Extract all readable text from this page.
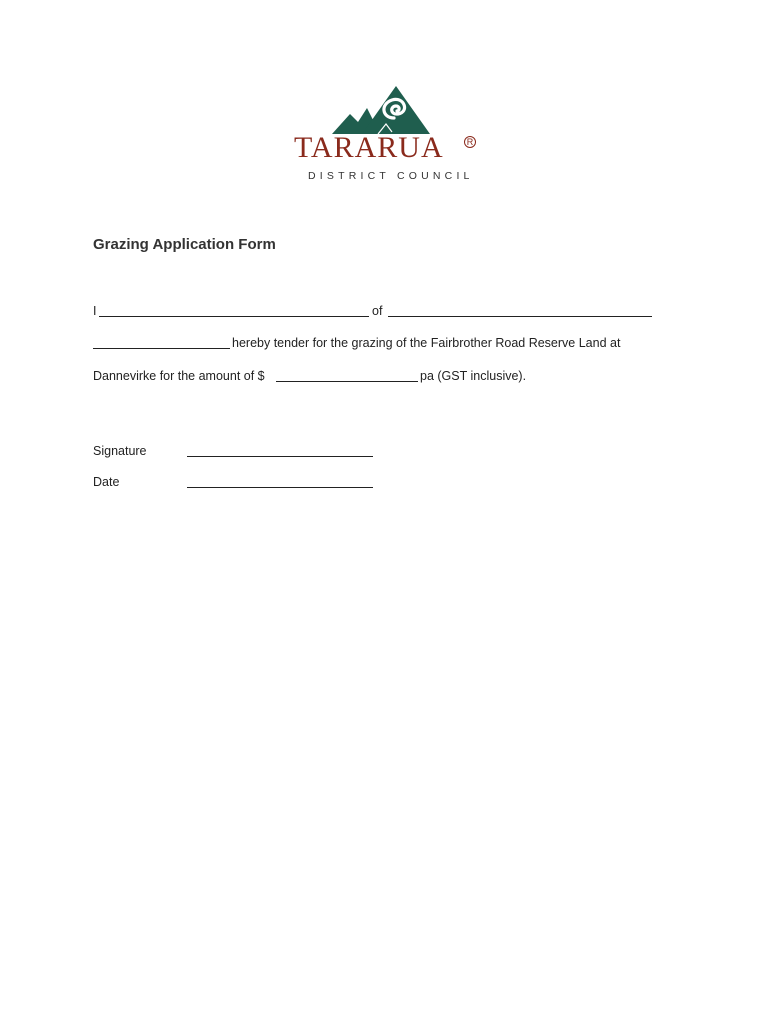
TARARUA	R
DISTRICT COUNCIL
Grazing Application Form
I	of
hereby tender for the grazing of the Fairbrother Road Reserve Land at
Dannevirke for the amount of $	pa (GST inclusive).
Signature
Date
